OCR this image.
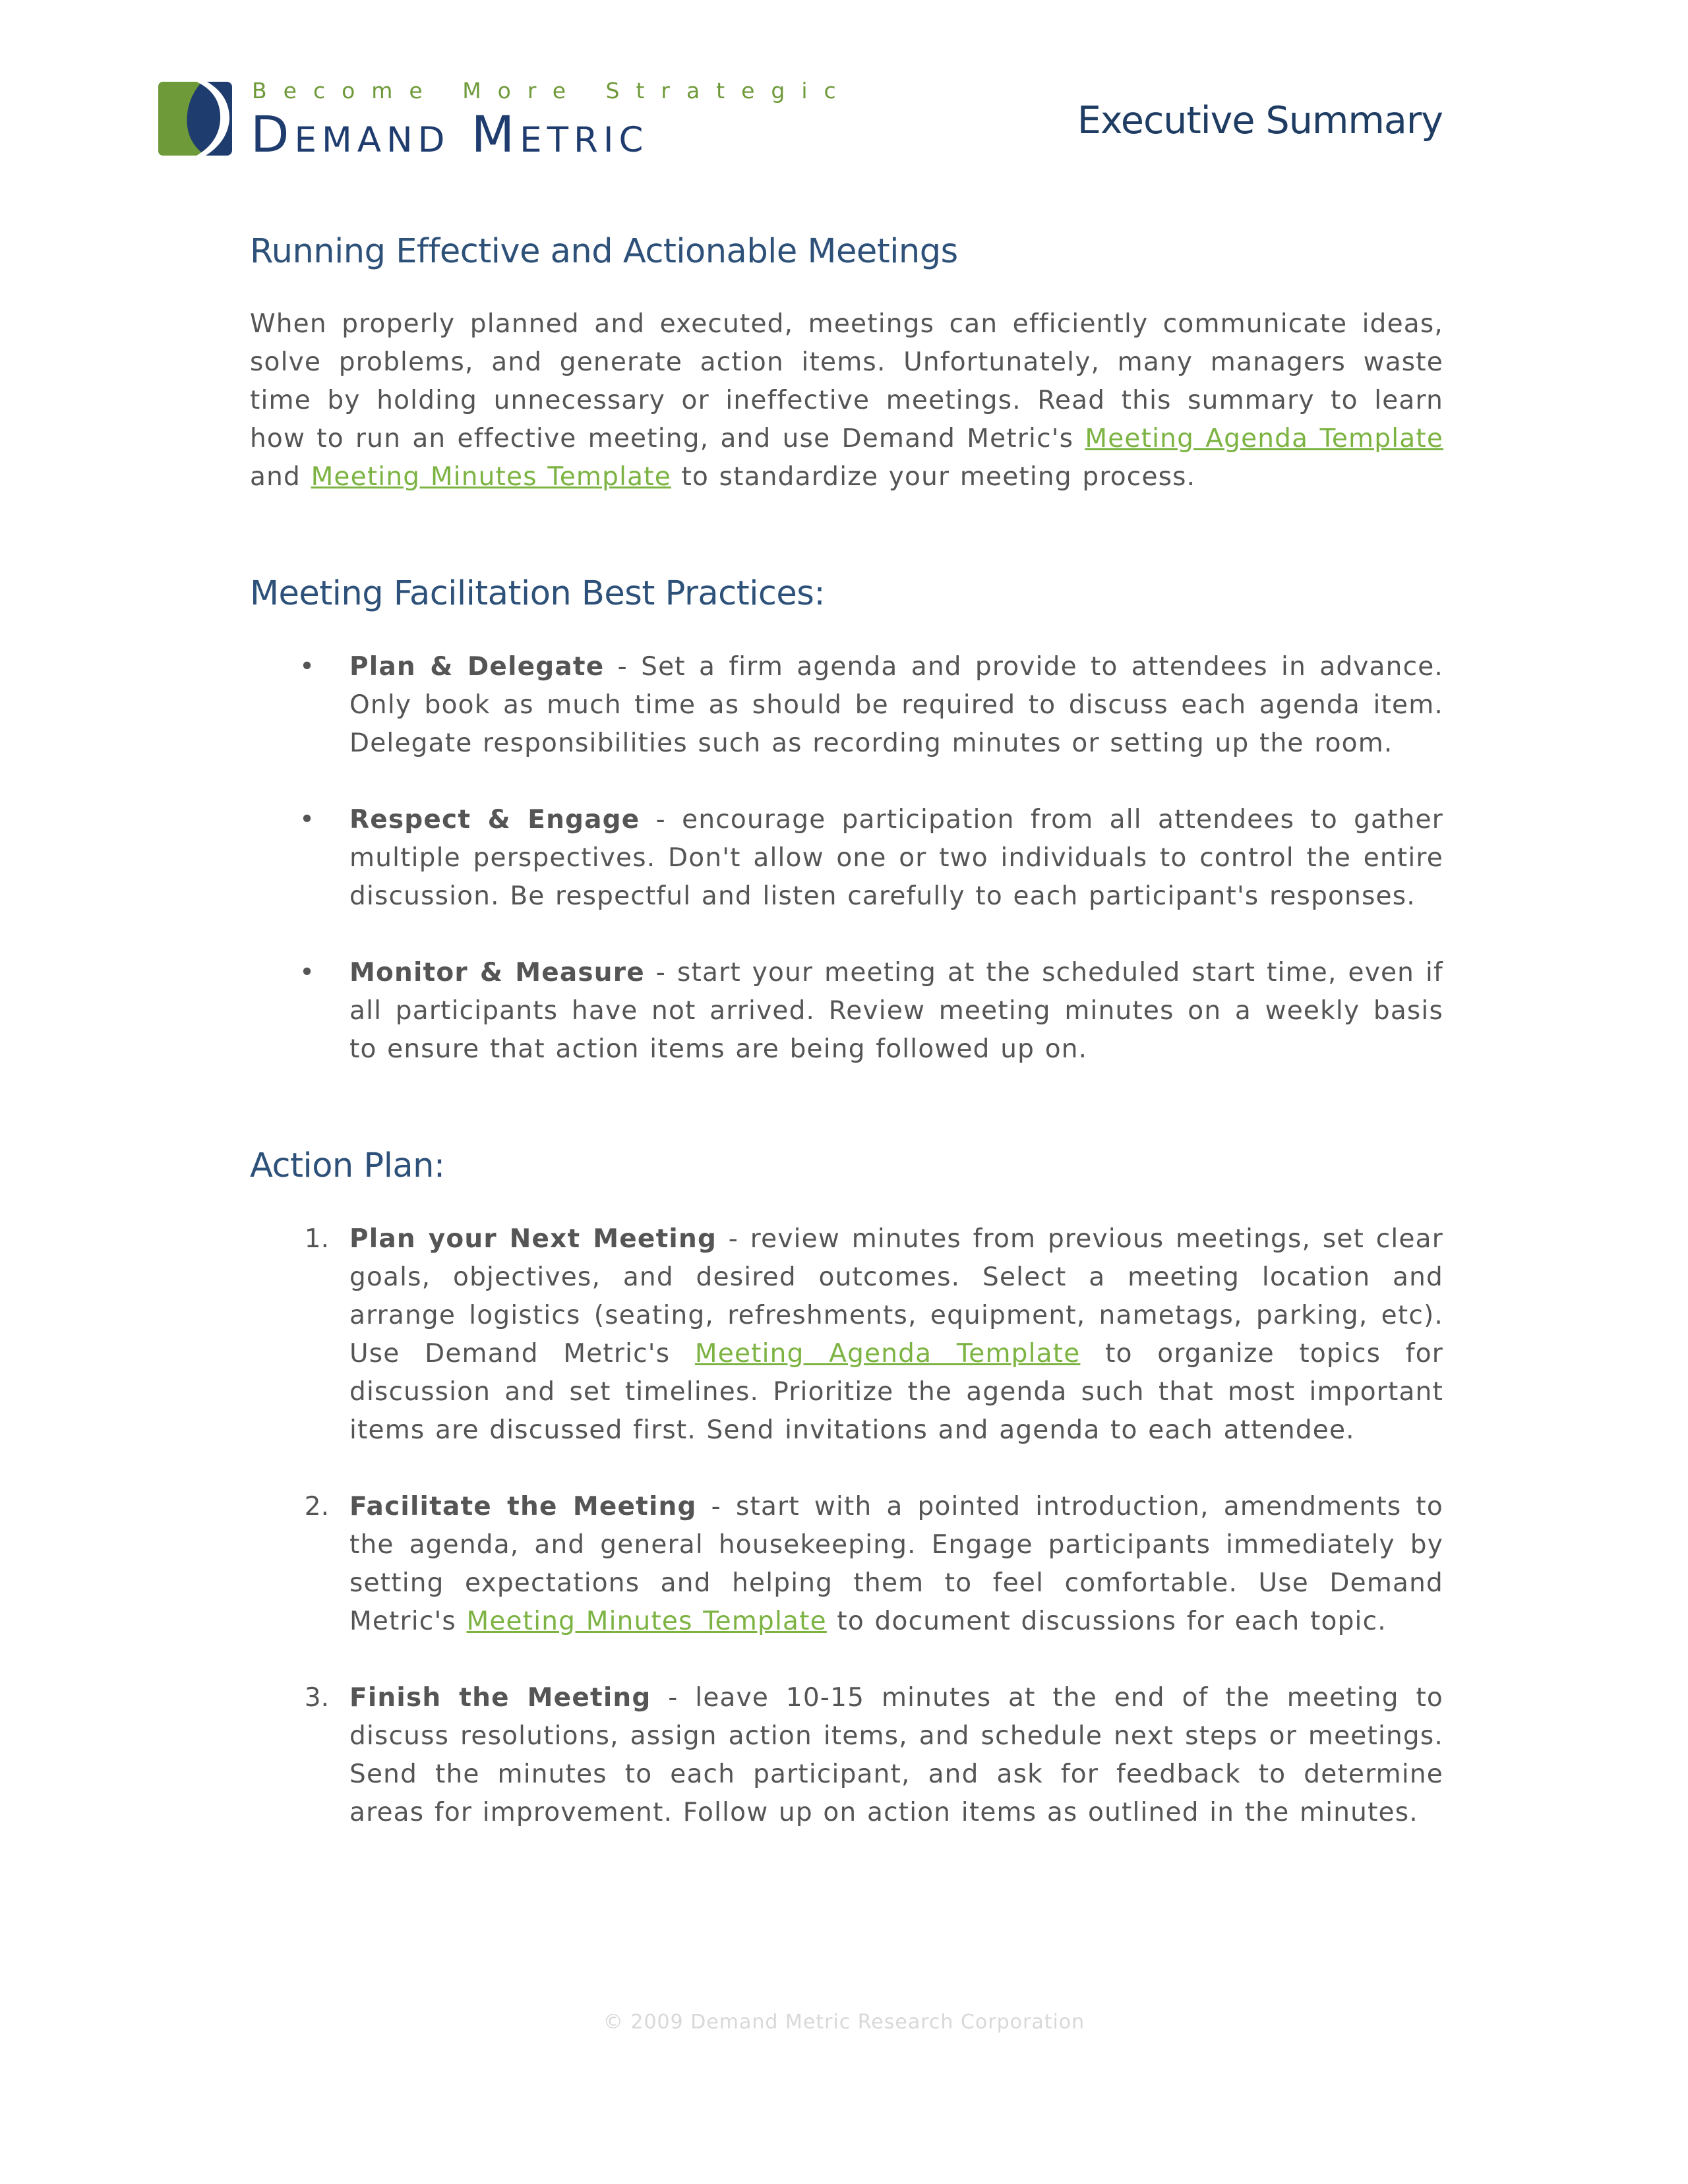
Become More Strategic
Demand Metric	Executive Summary
Running Effective and Actionable Meetings

When properly planned and executed, meetings can efficiently communicate ideas, solve problems, and generate action items. Unfortunately, many managers waste time by holding unnecessary or ineffective meetings. Read this summary to learn how to run an effective meeting, and use Demand Metric's Meeting Agenda Template and Meeting Minutes Template to standardize your meeting process.

Meeting Facilitation Best Practices:
• Plan & Delegate - Set a firm agenda and provide to attendees in advance. Only book as much time as should be required to discuss each agenda item. Delegate responsibilities such as recording minutes or setting up the room.

• Respect & Engage - encourage participation from all attendees to gather multiple perspectives. Don't allow one or two individuals to control the entire discussion. Be respectful and listen carefully to each participant's responses.

• Monitor & Measure - start your meeting at the scheduled start time, even if all participants have not arrived. Review meeting minutes on a weekly basis to ensure that action items are being followed up on.

Action Plan:
1. Plan your Next Meeting - review minutes from previous meetings, set clear goals, objectives, and desired outcomes. Select a meeting location and arrange logistics (seating, refreshments, equipment, nametags, parking, etc). Use Demand Metric's Meeting Agenda Template to organize topics for discussion and set timelines. Prioritize the agenda such that most important items are discussed first. Send invitations and agenda to each attendee.

2. Facilitate the Meeting - start with a pointed introduction, amendments to the agenda, and general housekeeping. Engage participants immediately by setting expectations and helping them to feel comfortable. Use Demand Metric's Meeting Minutes Template to document discussions for each topic.

3. Finish the Meeting - leave 10-15 minutes at the end of the meeting to discuss resolutions, assign action items, and schedule next steps or meetings. Send the minutes to each participant, and ask for feedback to determine areas for improvement. Follow up on action items as outlined in the minutes.

© 2009 Demand Metric Research Corporation
